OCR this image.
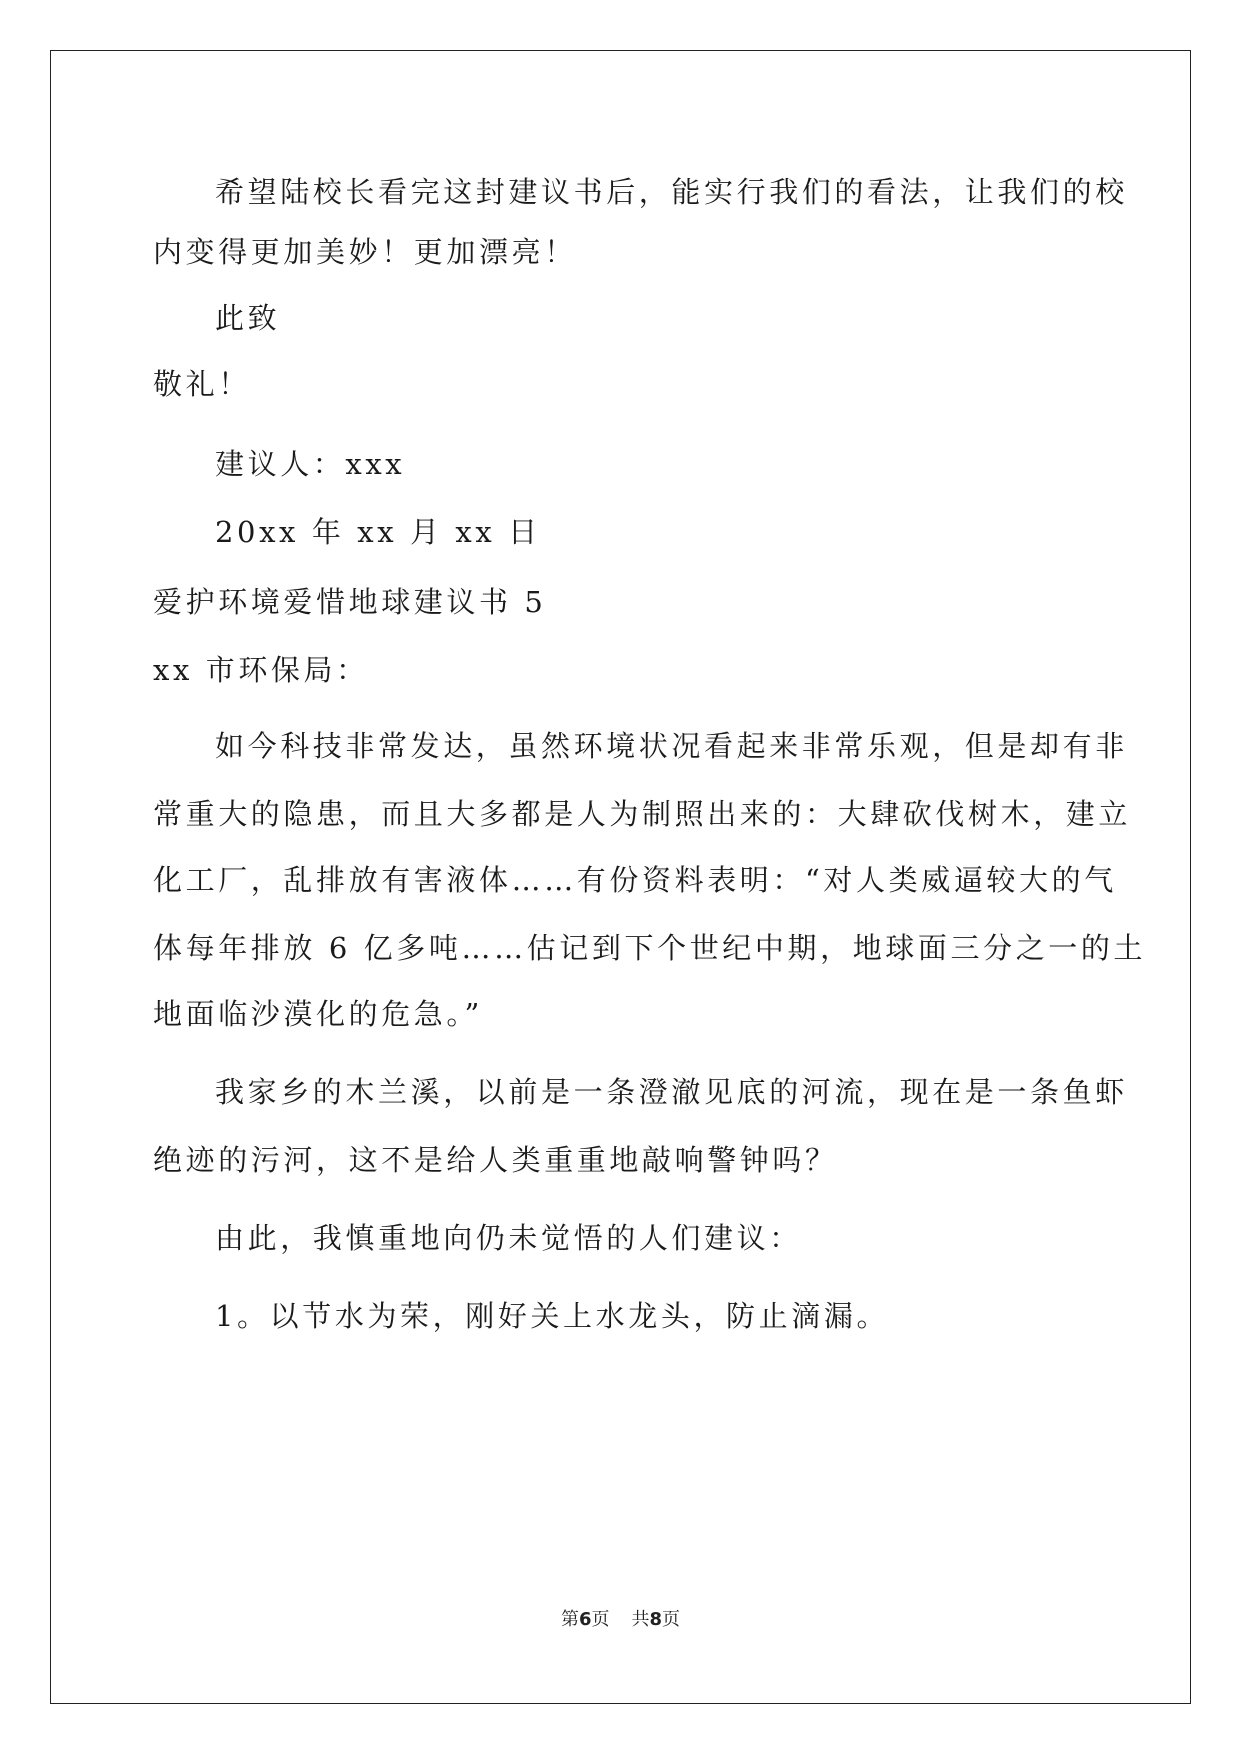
希望陆校长看完这封建议书后，能实行我们的看法，让我们的校
内变得更加美妙！更加漂亮！
此致
敬礼！
建议人：xxx
20xx 年 xx 月 xx 日
爱护环境爱惜地球建议书 5
xx 市环保局：
如今科技非常发达，虽然环境状况看起来非常乐观，但是却有非
常重大的隐患，而且大多都是人为制照出来的：大肆砍伐树木，建立
化工厂，乱排放有害液体……有份资料表明：“对人类威逼较大的气
体每年排放 6 亿多吨……估记到下个世纪中期，地球面三分之一的土
地面临沙漠化的危急。”
我家乡的木兰溪，以前是一条澄澈见底的河流，现在是一条鱼虾
绝迹的污河，这不是给人类重重地敲响警钟吗？
由此，我慎重地向仍未觉悟的人们建议：
1。以节水为荣，刚好关上水龙头，防止滴漏。
第6页 共8页
